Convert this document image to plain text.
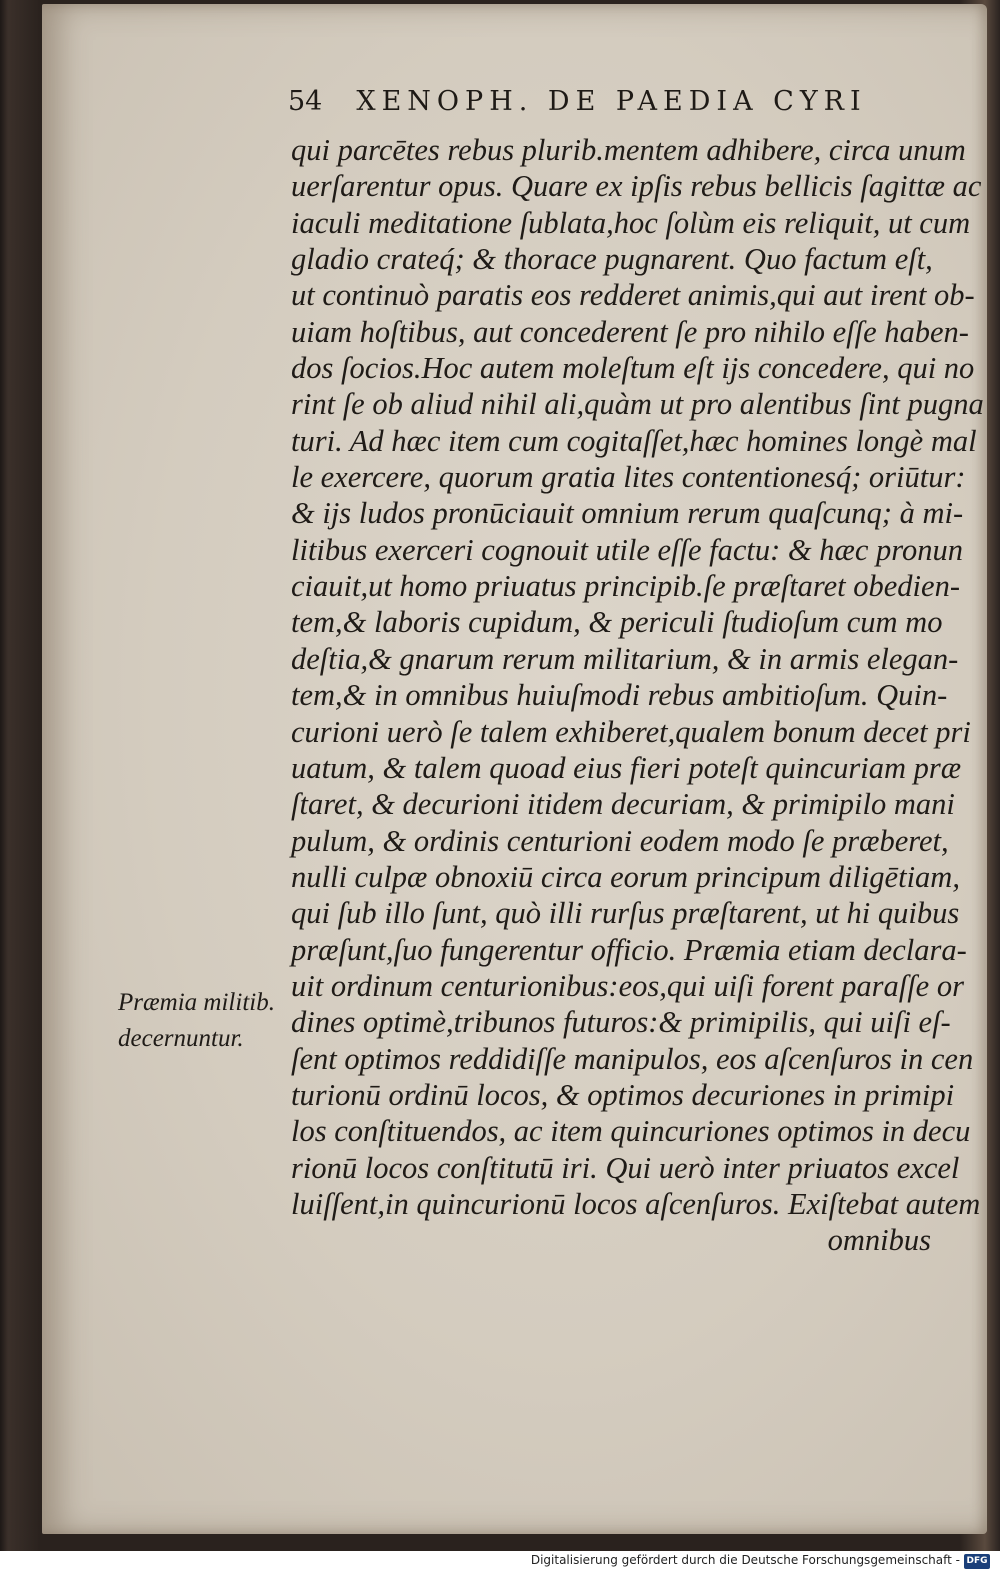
54 XENOPH. DE PAEDIA CYRI
qui parcētes rebus plurib.mentem adhibere, circa unum
uerſarentur opus. Quare ex ipſis rebus bellicis ſagittæ ac
iaculi meditatione ſublata,hoc ſolùm eis reliquit, ut cum
gladio crateq́; & thorace pugnarent. Quo factum eſt,
ut continuò paratis eos redderet animis,qui aut irent ob-
uiam hoſtibus, aut concederent ſe pro nihilo eſſe haben-
dos ſocios.Hoc autem moleſtum eſt ijs concedere, qui no
rint ſe ob aliud nihil ali,quàm ut pro alentibus ſint pugna
turi. Ad hæc item cum cogitaſſet,hæc homines longè mal
le exercere, quorum gratia lites contentionesq́; oriūtur:
& ijs ludos pronūciauit omnium rerum quaſcunq; à mi-
litibus exerceri cognouit utile eſſe factu: & hæc pronun
ciauit,ut homo priuatus principib.ſe præſtaret obedien-
tem,& laboris cupidum, & periculi ſtudioſum cum mo
deſtia,& gnarum rerum militarium, & in armis elegan-
tem,& in omnibus huiuſmodi rebus ambitioſum. Quin-
curioni uerò ſe talem exhiberet,qualem bonum decet pri
uatum, & talem quoad eius fieri poteſt quincuriam præ
ſtaret, & decurioni itidem decuriam, & primipilo mani
pulum, & ordinis centurioni eodem modo ſe præberet,
nulli culpæ obnoxiū circa eorum principum diligētiam,
qui ſub illo ſunt, quò illi rurſus præſtarent, ut hi quibus
præſunt,ſuo fungerentur officio. Præmia etiam declara-
uit ordinum centurionibus:eos,qui uiſi forent paraſſe or
dines optimè,tribunos futuros:& primipilis, qui uiſi eſ-
ſent optimos reddidiſſe manipulos, eos aſcenſuros in cen
turionū ordinū locos, & optimos decuriones in primipi
los conſtituendos, ac item quincuriones optimos in decu
rionū locos conſtitutū iri. Qui uerò inter priuatos excel
luiſſent,in quincurionū locos aſcenſuros. Exiſtebat autem
omnibus
Præmia militib.
decernuntur.
Digitalisierung gefördert durch die Deutsche Forschungsgemeinschaft - DFG
